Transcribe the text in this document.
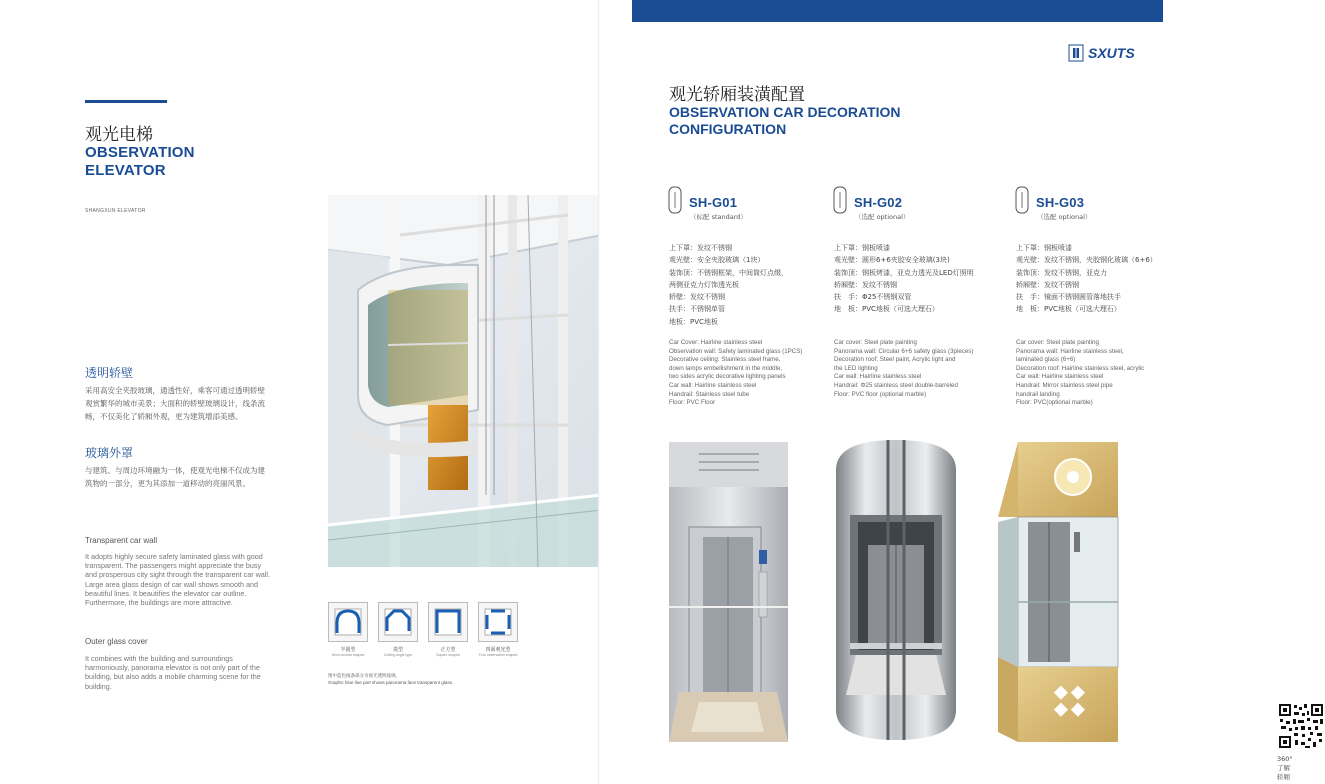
观光电梯
OBSERVATION
ELEVATOR
SHANGXUN ELEVATOR
透明轿壁
采用高安全夹胶玻璃，通透性好，乘客可通过透明轿壁
观赏繁华的城市美景；大面积的轿壁玻璃设计，线条流
畅，不仅美化了轿厢外观，更为建筑增添美感。
玻璃外罩
与建筑、与周边环境融为一体，使观光电梯不仅成为建
筑物的一部分，更为其添加一道移动的亮丽风景。
Transparent car wall
It adopts highly secure safety laminated glass with good
transparent. The passengers might appreciate the busy
and prosperous city sight through the transparent car wall.
Large area glass design of car wall shows smooth and
beautiful lines. It beautifies the elevator car outline.
Furthermore, the buildings are more attractive.
Outer glass cover
It combines with the building and surroundings
harmoniously, panorama elevator is not only part of the
building, but also adds a mobile charming scene for the
building.
半圆型
Semi circular shaped
菱型
Cutting angle type
正方型
Square shaped
四面观光型
Four observation shaped
图中蓝色线条部分为观光透明玻璃。
Graphic blue line part shows panorama face transparent glass.
SXUTS
观光轿厢装潢配置
OBSERVATION CAR DECORATION
CONFIGURATION
SH-G01
（标配 standard）
上下罩：发纹不锈钢
观光壁：安全夹胶玻璃（1块）
装饰顶：不锈钢框架，中间筒灯点缀，
两侧亚克力灯饰透光板
轿壁：发纹不锈钢
扶手：不锈钢单管
地板：PVC地板
Car Cover: Hairline stainless steel
Observation wall: Safety laminated glass (1PCS)
Decorative ceiling: Stainless steel frame,
down lamps embellishment in the middle,
two sides acrylic decorative lighting panels
Car wall: Hairline stainless steel
Handrail: Stainless steel tube
Floor: PVC Floor
SH-G02
（选配 optional）
上下罩：钢板喷漆
观光壁：圆形6+6夹胶安全玻璃(3块)
装饰顶：钢板烤漆，亚克力透光及LED灯照明
轿厢壁：发纹不锈钢
扶　手：Φ25不锈钢双管
地　板：PVC地板（可选大理石）
Car cover: Steel plate painting
Panorama wall: Circular 6+6 safety glass (3pieces)
Decoration roof: Steel paint, Acrylic light and
the LED lighting
Car wall: Hairline stainless steel
Handrail: Φ25 stainless steel double-barreled
Floor: PVC floor (optional marble)
SH-G03
（选配 optional）
上下罩：钢板喷漆
观光壁：发纹不锈钢，夹胶钢化玻璃（6+6）
装饰顶：发纹不锈钢，亚克力
轿厢壁：发纹不锈钢
扶　手：镜面不锈钢圆管落地扶手
地　板：PVC地板（可选大理石）
Car cover: Steel plate painting
Panorama wall: Hairline stainless steel,
laminated glass (6+6)
Decoration roof: Hairline stainless steel, acrylic
Car wall: Hairline stainless steel
Handrail: Mirror stainless steel pipe
handrail landing
Floor: PVC(optional marble)
360°了解轿厢
